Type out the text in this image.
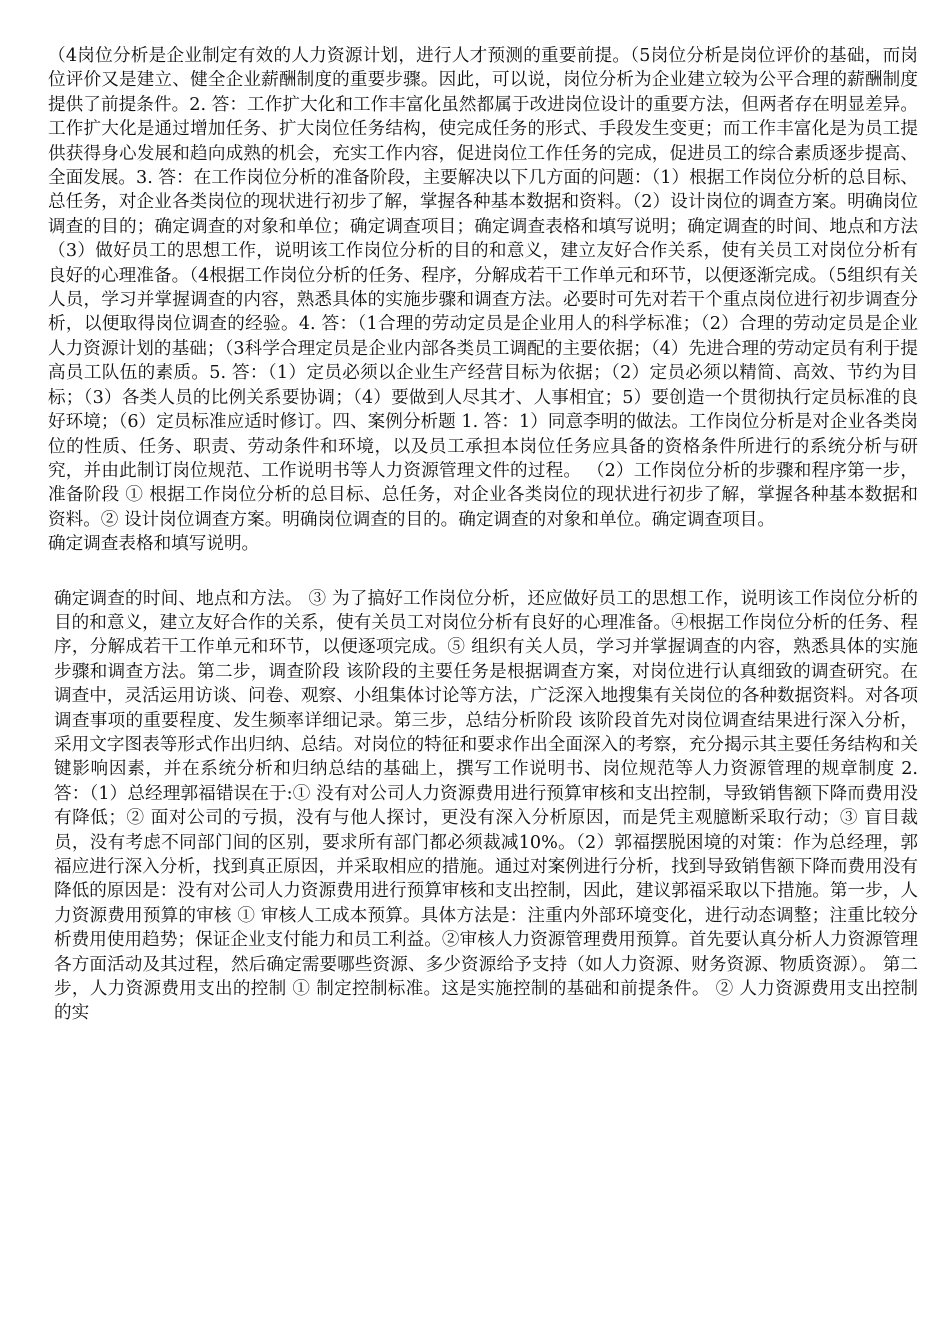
（4岗位分析是企业制定有效的人力资源计划，进行人才预测的重要前提。（5岗位分析是岗位评价的基础，而岗位评价又是建立、健全企业薪酬制度的重要步骤。因此，可以说，岗位分析为企业建立较为公平合理的薪酬制度提供了前提条件。2. 答：工作扩大化和工作丰富化虽然都属于改进岗位设计的重要方法，但两者存在明显差异。工作扩大化是通过增加任务、扩大岗位任务结构，使完成任务的形式、手段发生变更；而工作丰富化是为员工提供获得身心发展和趋向成熟的机会，充实工作内容，促进岗位工作任务的完成，促进员工的综合素质逐步提高、全面发展。3. 答：在工作岗位分析的准备阶段，主要解决以下几方面的问题：（1）根据工作岗位分析的总目标、总任务，对企业各类岗位的现状进行初步了解，掌握各种基本数据和资料。（2）设计岗位的调查方案。明确岗位调查的目的；确定调查的对象和单位；确定调查项目；确定调查表格和填写说明；确定调查的时间、地点和方法（3）做好员工的思想工作，说明该工作岗位分析的目的和意义，建立友好合作关系，使有关员工对岗位分析有良好的心理准备。（4根据工作岗位分析的任务、程序，分解成若干工作单元和环节，以便逐渐完成。（5组织有关人员，学习并掌握调查的内容，熟悉具体的实施步骤和调查方法。必要时可先对若干个重点岗位进行初步调查分析，以便取得岗位调查的经验。4. 答：（1合理的劳动定员是企业用人的科学标准；（2）合理的劳动定员是企业人力资源计划的基础；（3科学合理定员是企业内部各类员工调配的主要依据；（4）先进合理的劳动定员有利于提高员工队伍的素质。5. 答：（1）定员必须以企业生产经营目标为依据；（2）定员必须以精简、高效、节约为目标；（3）各类人员的比例关系要协调；（4）要做到人尽其才、人事相宜；5）要创造一个贯彻执行定员标准的良好环境；（6）定员标准应适时修订。四、案例分析题 1. 答：1）同意李明的做法。工作岗位分析是对企业各类岗位的性质、任务、职责、劳动条件和环境，以及员工承担本岗位任务应具备的资格条件所进行的系统分析与研究，并由此制订岗位规范、工作说明书等人力资源管理文件的过程。 （2）工作岗位分析的步骤和程序第一步，准备阶段 ① 根据工作岗位分析的总目标、总任务，对企业各类岗位的现状进行初步了解，掌握各种基本数据和资料。② 设计岗位调查方案。明确岗位调查的目的。确定调查的对象和单位。确定调查项目。

确定调查表格和填写说明。

确定调查的时间、地点和方法。 ③ 为了搞好工作岗位分析，还应做好员工的思想工作，说明该工作岗位分析的目的和意义，建立友好合作的关系，使有关员工对岗位分析有良好的心理准备。④根据工作岗位分析的任务、程序，分解成若干工作单元和环节，以便逐项完成。⑤ 组织有关人员，学习并掌握调查的内容，熟悉具体的实施步骤和调查方法。第二步，调查阶段 该阶段的主要任务是根据调查方案，对岗位进行认真细致的调查研究。在调查中，灵活运用访谈、问卷、观察、小组集体讨论等方法，广泛深入地搜集有关岗位的各种数据资料。对各项调查事项的重要程度、发生频率详细记录。第三步，总结分析阶段 该阶段首先对岗位调查结果进行深入分析，采用文字图表等形式作出归纳、总结。对岗位的特征和要求作出全面深入的考察，充分揭示其主要任务结构和关键影响因素，并在系统分析和归纳总结的基础上，撰写工作说明书、岗位规范等人力资源管理的规章制度 2. 答：（1）总经理郭福错误在于:① 没有对公司人力资源费用进行预算审核和支出控制，导致销售额下降而费用没有降低；② 面对公司的亏损，没有与他人探讨，更没有深入分析原因，而是凭主观臆断采取行动；③ 盲目裁员，没有考虑不同部门间的区别，要求所有部门都必须裁减10%。（2）郭福摆脱困境的对策：作为总经理，郭福应进行深入分析，找到真正原因，并采取相应的措施。通过对案例进行分析，找到导致销售额下降而费用没有降低的原因是：没有对公司人力资源费用进行预算审核和支出控制，因此，建议郭福采取以下措施。第一步，人力资源费用预算的审核 ① 审核人工成本预算。具体方法是：注重内外部环境变化，进行动态调整；注重比较分析费用使用趋势；保证企业支付能力和员工利益。②审核人力资源管理费用预算。首先要认真分析人力资源管理各方面活动及其过程，然后确定需要哪些资源、多少资源给予支持（如人力资源、财务资源、物质资源）。 第二步，人力资源费用支出的控制 ① 制定控制标准。这是实施控制的基础和前提条件。 ② 人力资源费用支出控制的实
